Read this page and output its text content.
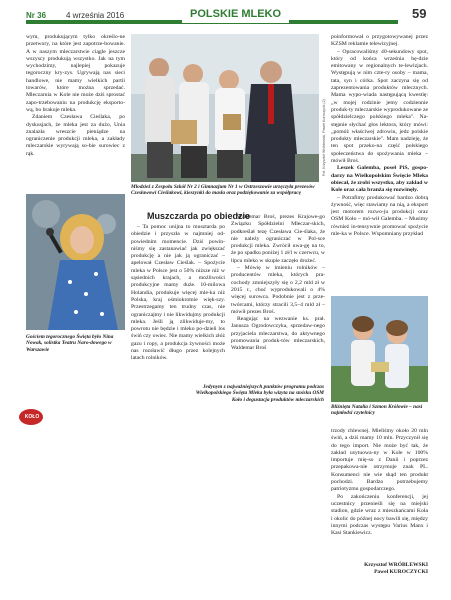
Nr 36 4 września 2016	POLSKIE MLEKO	59

wym, produkującym tylko określo-ne przetwory, na które jest zapotrze-bowanie. A w naszym mleczarstwie ciągle jeszcze wszyscy produkują wszystko. Jak na tym wychodzimy, najlepiej pokazuje tegoroczny kry-zys. Ugrywają nas sieci handlowe, nie mamy wielkich partii towarów, które można sprzedać. Mleczarnia w Kole nie może dziś sprostać zapo-trzebowaniu na produkcję eksporto-wą, bo brakuje mleka.

Zdaniem Czesława Cieślaka, po dyskusjach, że mleka jest za dużo, Unia znalazła wreszcie pieniądze na ograniczenie produkcji mleka, a zakłady mleczarskie wyrywają so-bie surowiec z rąk.

Młodzież z Zespołu Szkół Nr 2 i Gimnazjum Nr 1 w Ostrzeszowie urzęczyła prezesów Czesławowi Cieślakowi, kieszynki do masła oraz podziękowanie za współpracę
Fot. Krzysztof Wróblewski, Paweł Kuroczycki (2)

poinformował o przygotowywanej przez KZSM reklamie telewizyjnej.

– Opracowaliśmy 40-sekundowy spot, który od końca września bę-dzie emitowany w regionalnych te-lewizjach. Występują w nim czte-ry osoby – mama, tata, syn i córka. Spot zaczyna się od zaprezentowania produktów mlecznych. Mama wypo-wiada następującą kwestię: „w mojej rodzinie jemy codziennie produk-ty mleczarskie wyprodukowane ze spółdzielczego polskiego mleka". Na-stępnie słychać głos lektora, który mówi: „pomóż właściwej zdrowiu, jedz polskie produkty mleczarskie". Mam nadzieję, że ten spot przeko-na część polskiego społeczeństwa do spożywania mleka – mówił Broś.

Leszek Galemba, poseł PiS, gospo-darzy na Wielkopolskim Święcie Mleka obiecał, że zrobi wszystko, aby zakład w Kole oraz cała branża się rozwinęły.

– Potrafimy produkować bardzo dobrą żywność, więc stawiamy na nią, a eksport jest motorem rozwo-ju produkcji oraz OSM Koło – mó-wił Galemba. – Musimy również in-tensywnie promować spożycie mle-ka w Polsce. Wspomniany przykład

Gościem tegorocznego Święta było Nina Nowak, solistka Teatru Naro-dowego w Warszawie
Muszczarda po obiedzie

– Ta pomoc unijna to musztarda po obiedzie i przyszła w najmniej od-powiednim momencie. Dziś powin-niśmy się zastanawiać jak zwiększać produkcję a nie jak ją ograniczać – apelował Czesław Cieślak. – Spożycie mleka w Polsce jest o 50% niższe niż w sąsiednich krajach, a możliwości produkcyjne mamy duże. 10-milowa Holandia, produkuje więcej mle-ka niż Polska, kraj ośmiokrotnie więk-szy. Przestrzegamy ten trudny czas, nie ograniczajmy i nie likwidujmy produkcji mleka. Jeśli ją zlikwiduje-my, to powrotu nie będzie i mleko po-dzieli los świń czy owiec. Nie mamy wielkich złóż gazu i ropy, a produkcja żywności może nas rozsławić długo przez kolejnych latach rolników.

Waldemar Broś, prezes Krajowe-go Związku Spółdzielni Mleczar-skich, podkreślał tezę Czesława Cie-ślaka, że nie należy ograniczać w Pol-sce produkcji mleka. Zwrócił uwa-gę na to, że po spadku poniżej 1 zł/l w czerwcu, w lipcu mleko w skupie zaczęło drożeć.

– Mówię w imieniu rolników – producentów mleka, których pra-cochody zmniejszyły się o 2,2 mld zł w 2015 r., choć wyprodukowali o 4% więcej surowca. Podobnie jest z prze-twórcami, którzy stracili 3,5–4 mld zł – mówił prezes Broś.

Reagując na wezwanie ks. prał. Janusza Ogrodowczyka, sprzedaw-nego przyjaciela mleczarstwa, do aktywnego promowania produk-tów mleczarskich, Waldemar Broś

Bliźnięta Natalia i Szmon Królowie – nasi najmłodsi czytelnicy
Jedynym z najważniejszych punktów programu podczas Wielkopolskiego Święta Mleka była wizyta na stoisku OSM Koło i degustacja produktów mleczarskich
Okręgowa Spółdzielnia Mleczarska w Kole
KOŁO

trzody chlewnej. Mieliśmy około 20 mln świń, a dziś mamy 10 mln. Przyczynił się do tego import. Nie może być tak, że zakład usytuowa-ny w Kole w 100% importuje mię-so z Danii i poprzez przepakowa-nie otrzymuje znak PL. Konsumenci nie wie skąd ten produkt pochodzi. Bardzo potrzebujemy patriotyzmu gospodarczego.

Po zakończeniu konferencji, jej uczestnicy przenieśli się na miejski stadion, gdzie wraz z mieszkańcami Koła i okolic do późnej nocy bawili się, między innymi podczas występu Varius Manx i Kasi Stankiewicz.

Krzysztof WRÓBLEWSKI
Paweł KUROCZYCKI
